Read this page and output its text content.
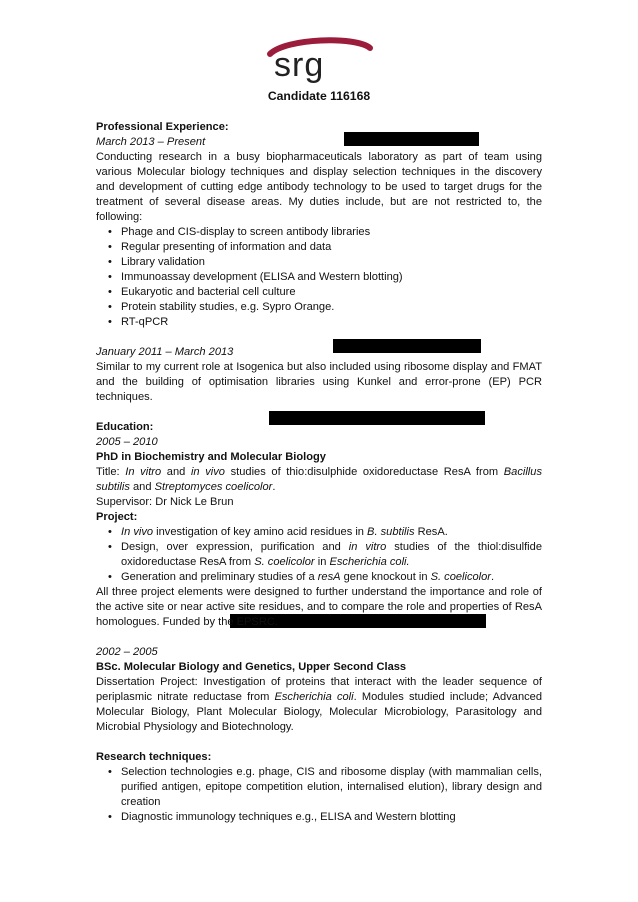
srg
Candidate 116168

Professional Experience:

March 2013 – Present

Conducting research in a busy biopharmaceuticals laboratory as part of team using various Molecular biology techniques and display selection techniques in the discovery and development of cutting edge antibody technology to be used to target drugs for the treatment of several disease areas. My duties include, but are not restricted to, the following:

• Phage and CIS-display to screen antibody libraries
• Regular presenting of information and data
• Library validation
• Immunoassay development (ELISA and Western blotting)
• Eukaryotic and bacterial cell culture
• Protein stability studies, e.g. Sypro Orange.
• RT-qPCR

January 2011 – March 2013

Similar to my current role at Isogenica but also included using ribosome display and FMAT and the building of optimisation libraries using Kunkel and error-prone (EP) PCR techniques.

Education:

2005 – 2010

PhD in Biochemistry and Molecular Biology

Title: In vitro and in vivo studies of thio:disulphide oxidoreductase ResA from Bacillus subtilis and Streptomyces coelicolor.

Supervisor: Dr Nick Le Brun

Project:

• In vivo investigation of key amino acid residues in B. subtilis ResA.
• Design, over expression, purification and in vitro studies of the thiol:disulfide oxidoreductase ResA from S. coelicolor in Escherichia coli.
• Generation and preliminary studies of a resA gene knockout in S. coelicolor.

All three project elements were designed to further understand the importance and role of the active site or near active site residues, and to compare the role and properties of ResA homologues. Funded by the EPSRC.

2002 – 2005

BSc. Molecular Biology and Genetics, Upper Second Class

Dissertation Project: Investigation of proteins that interact with the leader sequence of periplasmic nitrate reductase from Escherichia coli. Modules studied include; Advanced Molecular Biology, Plant Molecular Biology, Molecular Microbiology, Parasitology and Microbial Physiology and Biotechnology.

Research techniques:

• Selection technologies e.g. phage, CIS and ribosome display (with mammalian cells, purified antigen, epitope competition elution, internalised elution), library design and creation
• Diagnostic immunology techniques e.g., ELISA and Western blotting
